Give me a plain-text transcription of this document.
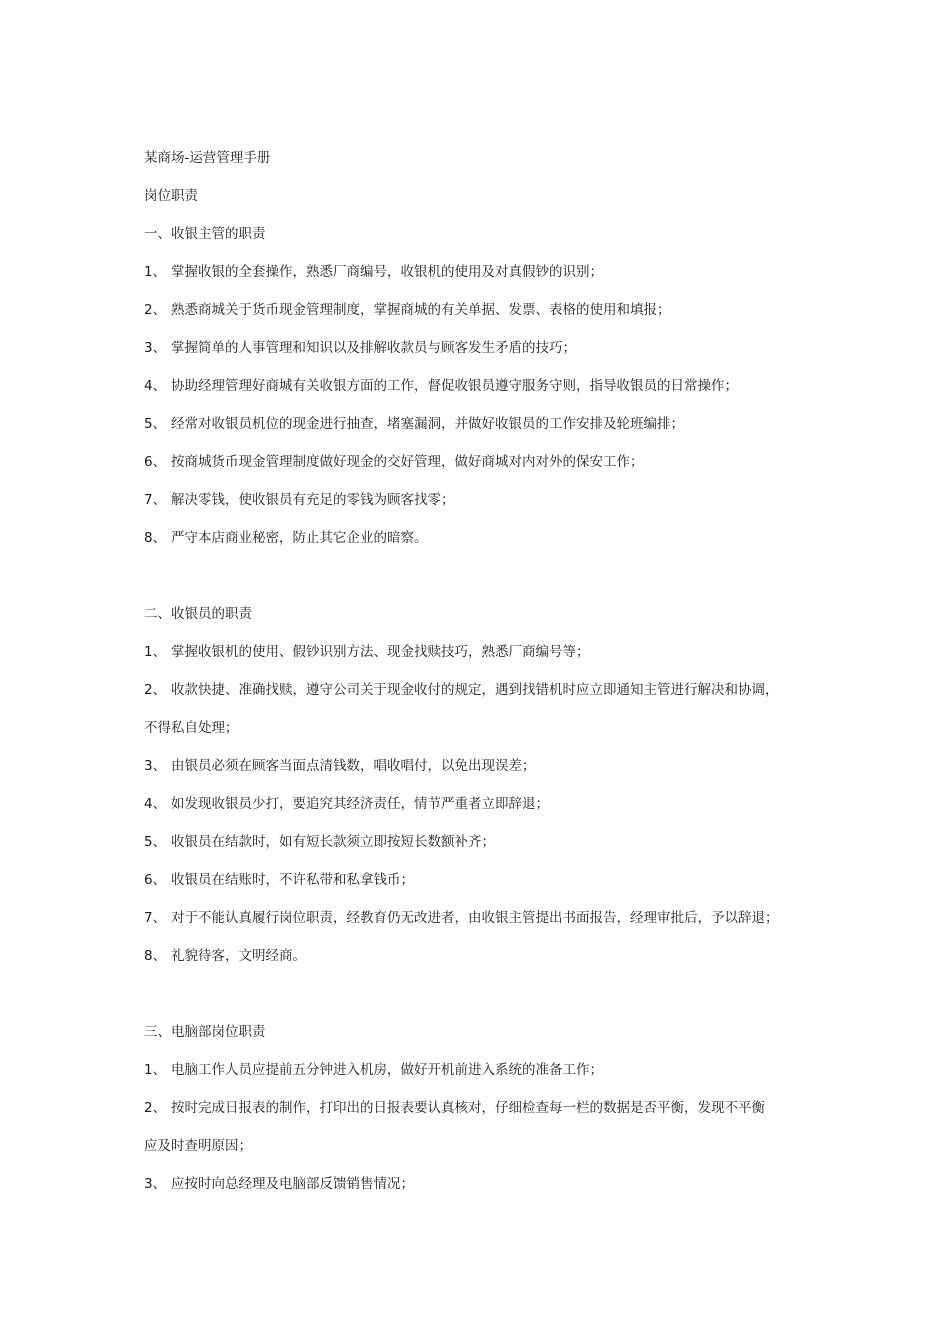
某商场-运营管理手册
岗位职责
一、收银主管的职责
1、 掌握收银的全套操作，熟悉厂商编号，收银机的使用及对真假钞的识别；
2、 熟悉商城关于货币现金管理制度，掌握商城的有关单据、发票、表格的使用和填报；
3、 掌握简单的人事管理和知识以及排解收款员与顾客发生矛盾的技巧；
4、 协助经理管理好商城有关收银方面的工作，督促收银员遵守服务守则，指导收银员的日常操作；
5、 经常对收银员机位的现金进行抽查，堵塞漏洞，并做好收银员的工作安排及轮班编排；
6、 按商城货币现金管理制度做好现金的交好管理，做好商城对内对外的保安工作；
7、 解决零钱，使收银员有充足的零钱为顾客找零；
8、 严守本店商业秘密，防止其它企业的暗察。
二、收银员的职责
1、 掌握收银机的使用、假钞识别方法、现金找赎技巧，熟悉厂商编号等；
2、 收款快捷、准确找赎，遵守公司关于现金收付的规定，遇到找错机时应立即通知主管进行解决和协调，
不得私自处理；
3、 由银员必须在顾客当面点清钱数，唱收唱付，以免出现误差；
4、 如发现收银员少打，要追究其经济责任，情节严重者立即辞退；
5、 收银员在结款时，如有短长款须立即按短长数额补齐；
6、 收银员在结账时，不许私带和私拿钱币；
7、 对于不能认真履行岗位职责，经教育仍无改进者，由收银主管提出书面报告，经理审批后，予以辞退；
8、 礼貌待客，文明经商。
三、电脑部岗位职责
1、 电脑工作人员应提前五分钟进入机房，做好开机前进入系统的准备工作；
2、 按时完成日报表的制作，打印出的日报表要认真核对，仔细检查每一栏的数据是否平衡，发现不平衡
应及时查明原因；
3、 应按时向总经理及电脑部反馈销售情况；
